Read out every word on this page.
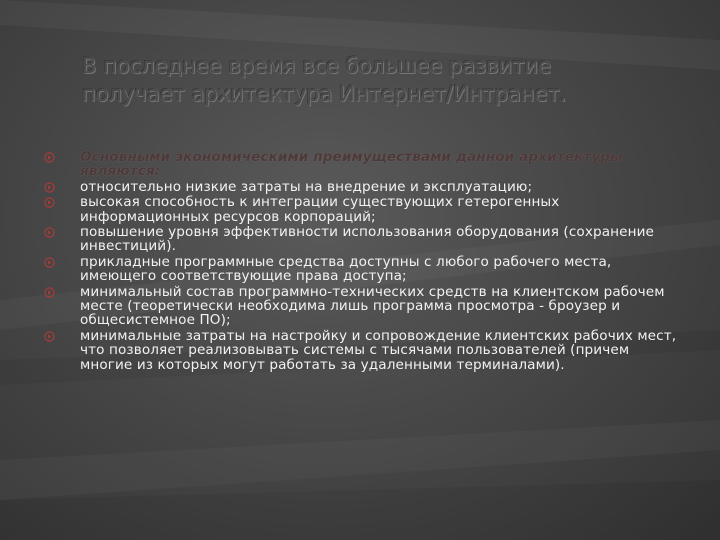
В последнее время все большее развитие
получает архитектура Интернет/Интранет.
Основными экономическими преимуществами данной архитектуры являются:
относительно низкие затраты на внедрение и эксплуатацию;
высокая способность к интеграции существующих гетерогенных информационных ресурсов корпораций;
повышение уровня эффективности использования оборудования (сохранение инвестиций).
прикладные программные средства доступны с любого рабочего места, имеющего соответствующие права доступа;
минимальный состав программно-технических средств на клиентском рабочем месте (теоретически необходима лишь программа просмотра - броузер и общесистемное ПО);
минимальные затраты на настройку и сопровождение клиентских рабочих мест, что позволяет реализовывать системы с тысячами пользователей (причем многие из которых могут работать за удаленными терминалами).
